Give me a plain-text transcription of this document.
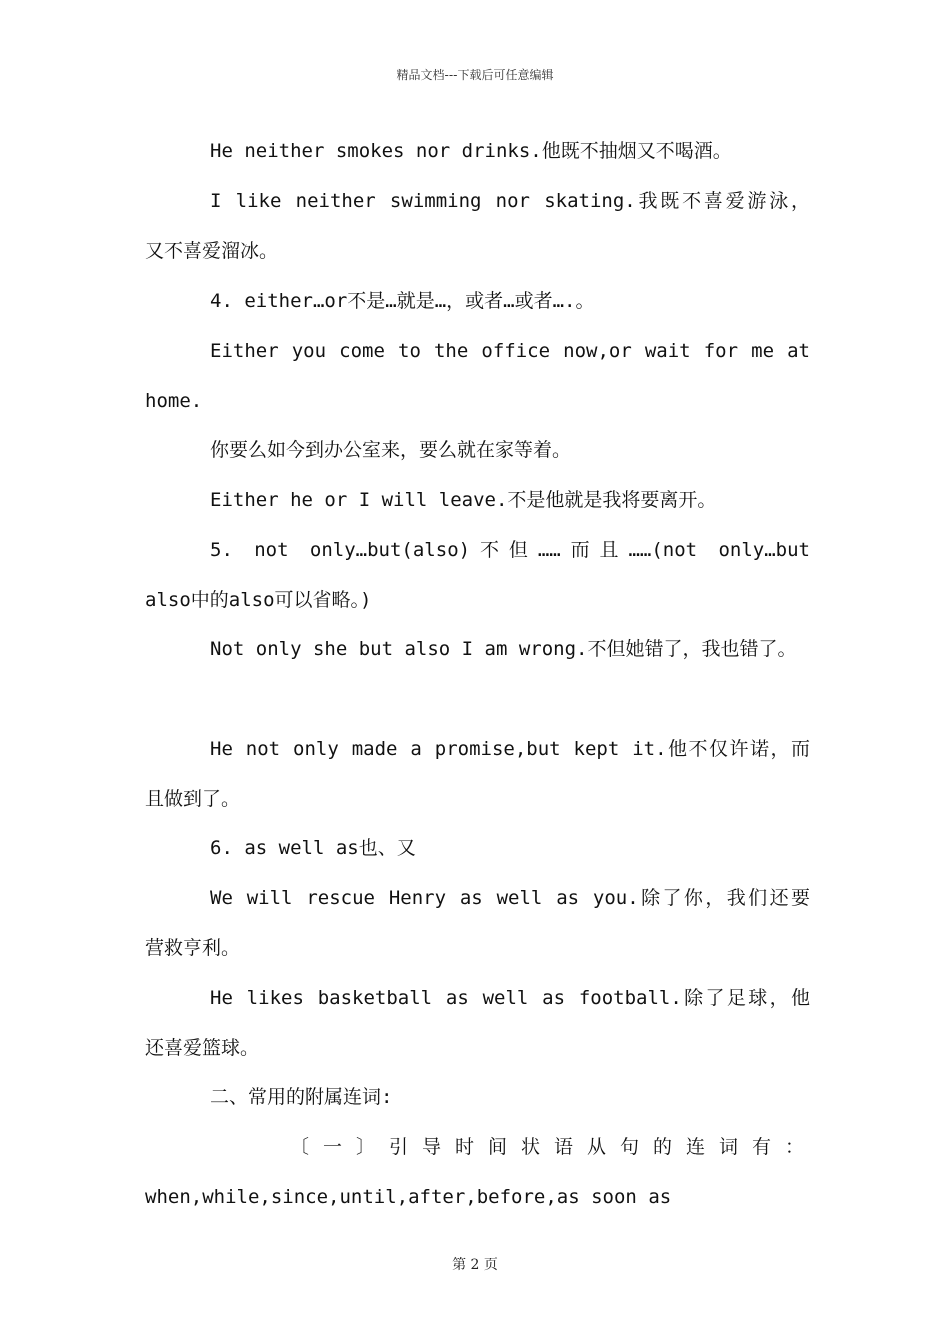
精品文档---下载后可任意编辑
He neither smokes nor drinks.他既不抽烟又不喝酒。
I like neither swimming nor skating.我既不喜爱游泳，
又不喜爱溜冰。
4. either…or不是…就是…，或者…或者….。
Either you come to the office now,or wait for me at
home.
你要么如今到办公室来，要么就在家等着。
Either he or I will leave.不是他就是我将要离开。
5. not only…but(also)不但……而且……(not only…but
also中的also可以省略。)
Not only she but also I am wrong.不但她错了，我也错了。
He not only made a promise,but kept it.他不仅许诺，而
且做到了。
6. as well as也、又
We will rescue Henry as well as you.除了你，我们还要
营救亨利。
He likes basketball as well as football.除了足球，他
还喜爱篮球。
二、常用的附属连词:
〔一〕引导时间状语从句的连词有：
when,while,since,until,after,before,as soon as
第 2 页
